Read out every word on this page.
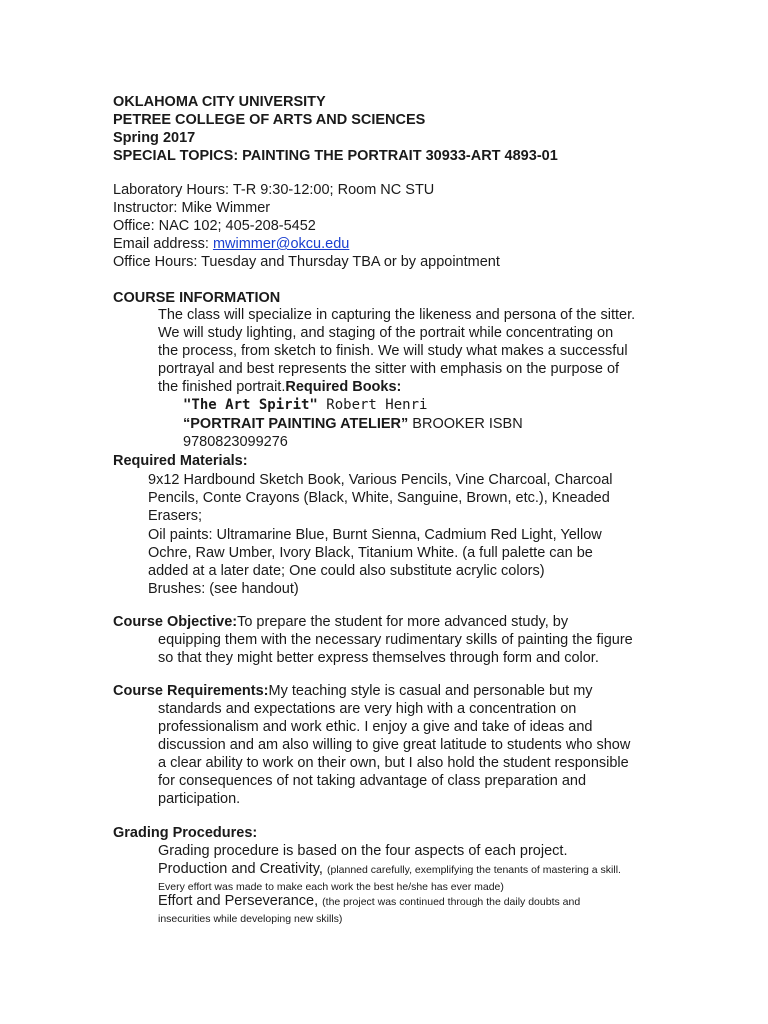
OKLAHOMA CITY UNIVERSITY
PETREE COLLEGE OF ARTS AND SCIENCES
Spring 2017
SPECIAL TOPICS: PAINTING THE PORTRAIT 30933-ART 4893-01
Laboratory Hours: T-R 9:30-12:00; Room NC STU
Instructor: Mike Wimmer
Office: NAC 102; 405-208-5452
Email address: mwimmer@okcu.edu
Office Hours: Tuesday and Thursday TBA or by appointment
COURSE INFORMATION
The class will specialize in capturing the likeness and persona of the sitter.
We will study lighting, and staging of the portrait while concentrating on
the process, from sketch to finish. We will study what makes a successful
portrayal and best represents the sitter with emphasis on the purpose of
the finished portrait.Required Books:
"The Art Spirit" Robert Henri
“PORTRAIT PAINTING ATELIER” BROOKER ISBN
9780823099276
Required Materials:
9x12 Hardbound Sketch Book, Various Pencils, Vine Charcoal, Charcoal
Pencils, Conte Crayons (Black, White, Sanguine, Brown, etc.), Kneaded
Erasers;
Oil paints: Ultramarine Blue, Burnt Sienna, Cadmium Red Light, Yellow
Ochre, Raw Umber, Ivory Black, Titanium White. (a full palette can be
added at a later date; One could also substitute acrylic colors)
Brushes: (see handout)
Course Objective:To prepare the student for more advanced study, by
equipping them with the necessary rudimentary skills of painting the figure
so that they might better express themselves through form and color.
Course Requirements:My teaching style is casual and personable but my
standards and expectations are very high with a concentration on
professionalism and work ethic. I enjoy a give and take of ideas and
discussion and am also willing to give great latitude to students who show
a clear ability to work on their own, but I also hold the student responsible
for consequences of not taking advantage of class preparation and
participation.
Grading Procedures:
Grading procedure is based on the four aspects of each project.
Production and Creativity, (planned carefully, exemplifying the tenants of mastering a skill.
Every effort was made to make each work the best he/she has ever made)
Effort and Perseverance, (the project was continued through the daily doubts and
insecurities while developing new skills)
